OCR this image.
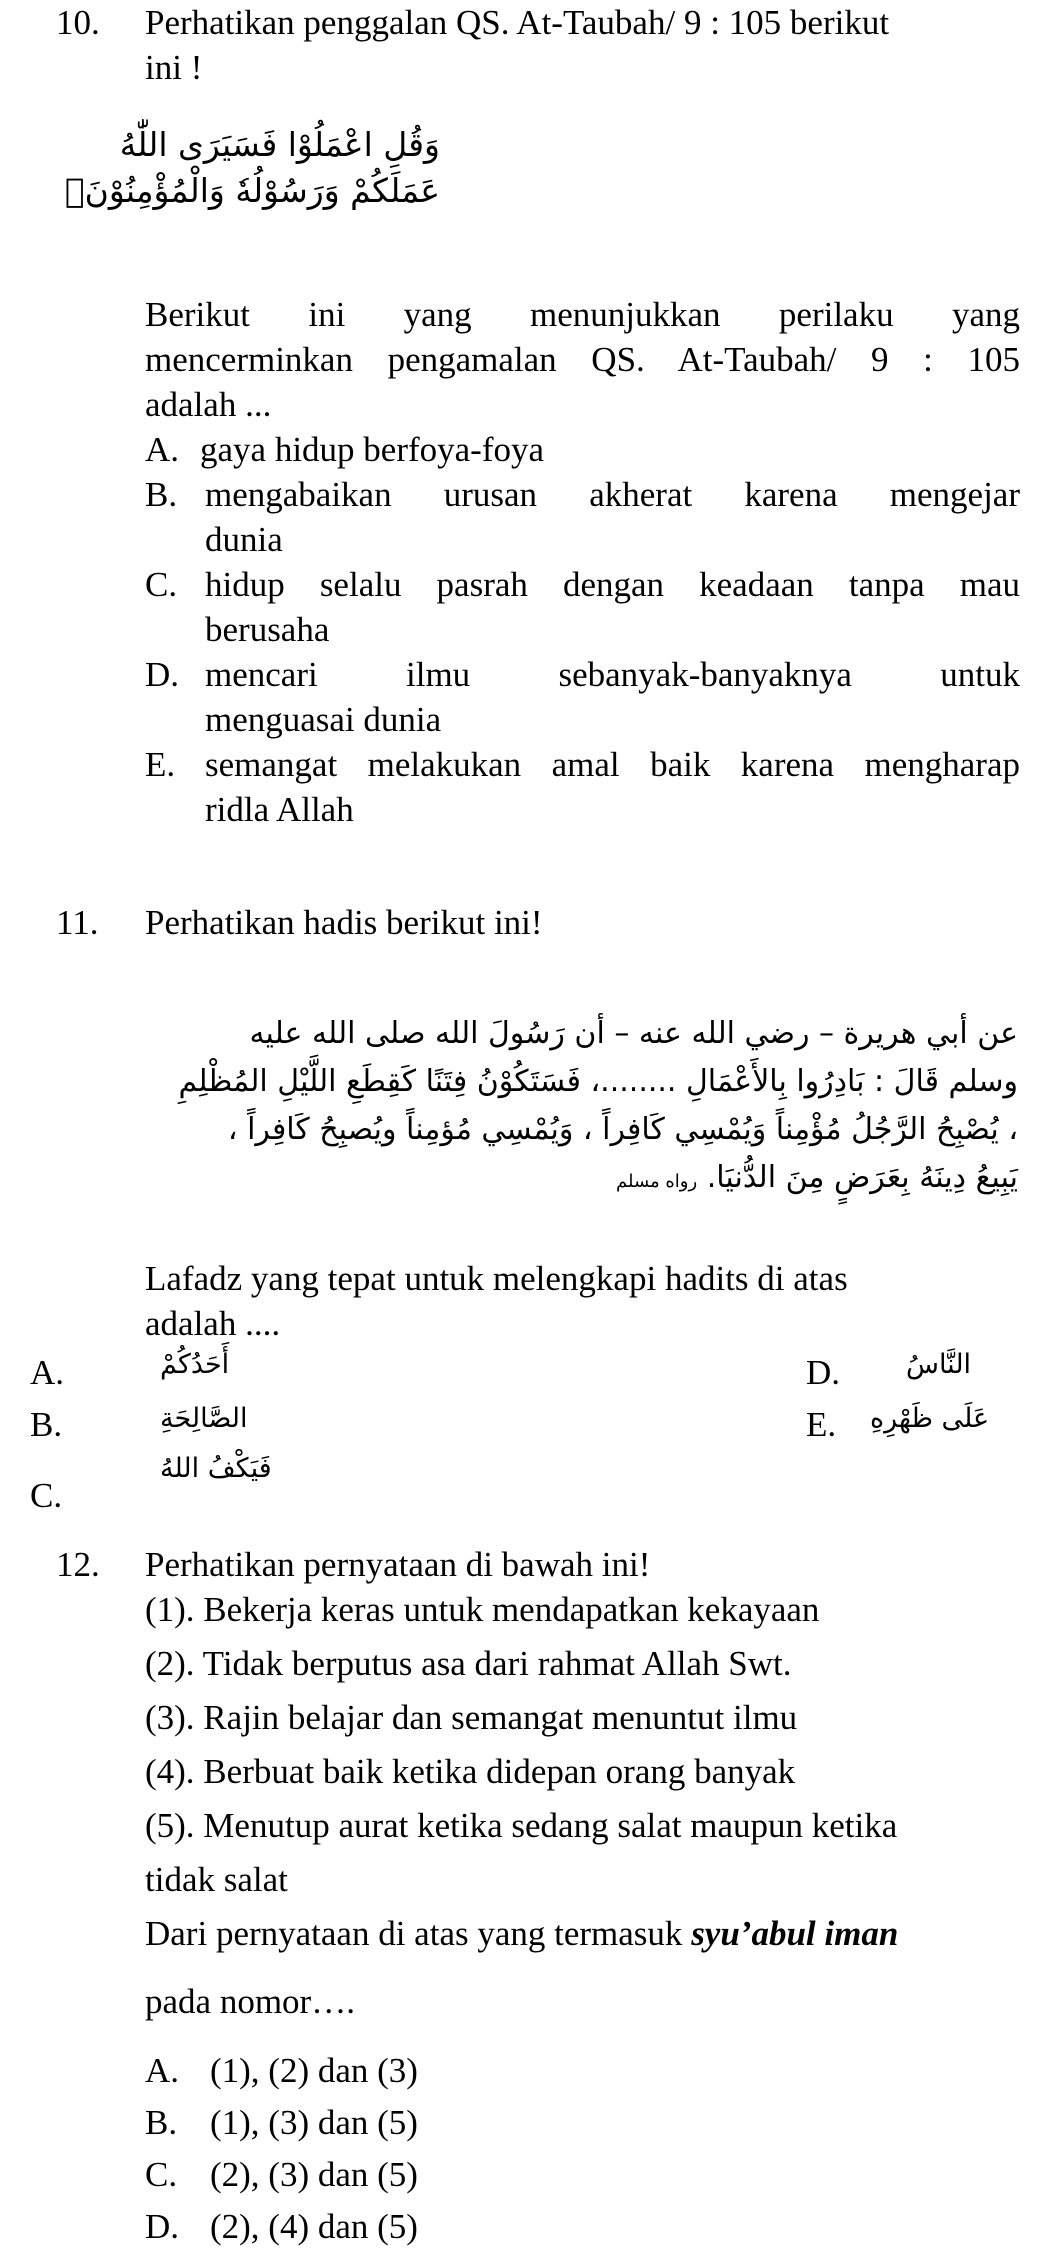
10. Perhatikan penggalan QS. At-Taubah/ 9 : 105 berikut
ini !
وَقُلِ اعْمَلُوْا فَسَيَرَى اللّٰهُ
عَمَلَكُمْ وَرَسُوْلُهٗ وَالْمُؤْمِنُوْنَۗ
Berikut ini yang menunjukkan perilaku yang
mencerminkan pengamalan QS. At-Taubah/ 9 : 105
adalah ...
A. gaya hidup berfoya-foya
B. mengabaikan urusan akherat karena mengejar
dunia
C. hidup selalu pasrah dengan keadaan tanpa mau
berusaha
D. mencari ilmu sebanyak-banyaknya untuk
menguasai dunia
E. semangat melakukan amal baik karena mengharap
ridla Allah
11. Perhatikan hadis berikut ini!
عن أبي هريرة – رضي الله عنه – أن رَسُولَ الله صلى الله عليه
وسلم قَالَ : بَادِرُوا بِالأَعْمَالِ ........، فَسَتَكُوْنُ فِتَنًا كَقِطَعِ اللَّيْلِ المُظْلِمِ
، يُصْبِحُ الرَّجُلُ مُؤْمِناً وَيُمْسِي كَافِراً ، وَيُمْسِي مُؤمِناً ويُصبِحُ كَافِراً ،
يَبِيعُ دِينَهُ بِعَرَضٍ مِنَ الدُّنيَا. رواه مسلم
Lafadz yang tepat untuk melengkapi hadits di atas
adalah ....
A.	أَحَدُكُمْ
B.	الصَّالِحَةِ
C.
فَيَكْفُ اللهُ
D. النَّاسُ
E. عَلَى ظَهْرِهِ
12. Perhatikan pernyataan di bawah ini!
(1). Bekerja keras untuk mendapatkan kekayaan
(2). Tidak berputus asa dari rahmat Allah Swt.
(3). Rajin belajar dan semangat menuntut ilmu
(4). Berbuat baik ketika didepan orang banyak
(5). Menutup aurat ketika sedang salat maupun ketika
tidak salat
Dari pernyataan di atas yang termasuk syu’abul iman
pada nomor….
A. (1), (2) dan (3)
B. (1), (3) dan (5)
C. (2), (3) dan (5)
D. (2), (4) dan (5)
